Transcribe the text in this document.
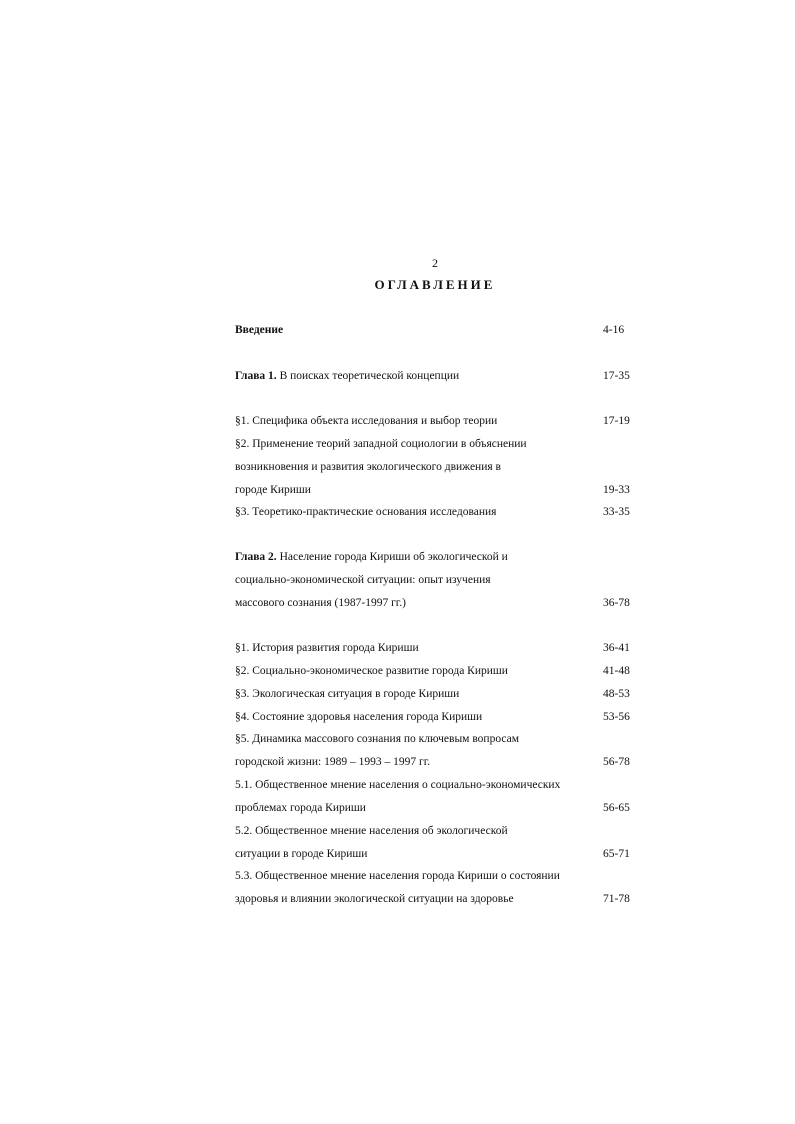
2
ОГЛАВЛЕНИЕ
Введение	4-16
Глава 1. В поисках теоретической концепции	17-35
§1. Специфика объекта исследования и выбор теории	17-19
§2. Применение теорий западной социологии в объяснении
возникновения и развития экологического движения в
городе Кириши	19-33
§3. Теоретико-практические основания исследования	33-35
Глава 2. Население города Кириши об экологической и
социально-экономической ситуации: опыт изучения
массового сознания (1987-1997 гг.)	36-78
§1. История развития города Кириши	36-41
§2. Социально-экономическое развитие города Кириши	41-48
§3. Экологическая ситуация в городе Кириши	48-53
§4. Состояние здоровья населения города Кириши	53-56
§5. Динамика массового сознания по ключевым вопросам
городской жизни: 1989 – 1993 – 1997 гг.	56-78
5.1. Общественное мнение населения о социально-экономических
проблемах города Кириши	56-65
5.2. Общественное мнение населения об экологической
ситуации в городе Кириши	65-71
5.3. Общественное мнение населения города Кириши о состоянии
здоровья и влиянии экологической ситуации на здоровье	71-78
